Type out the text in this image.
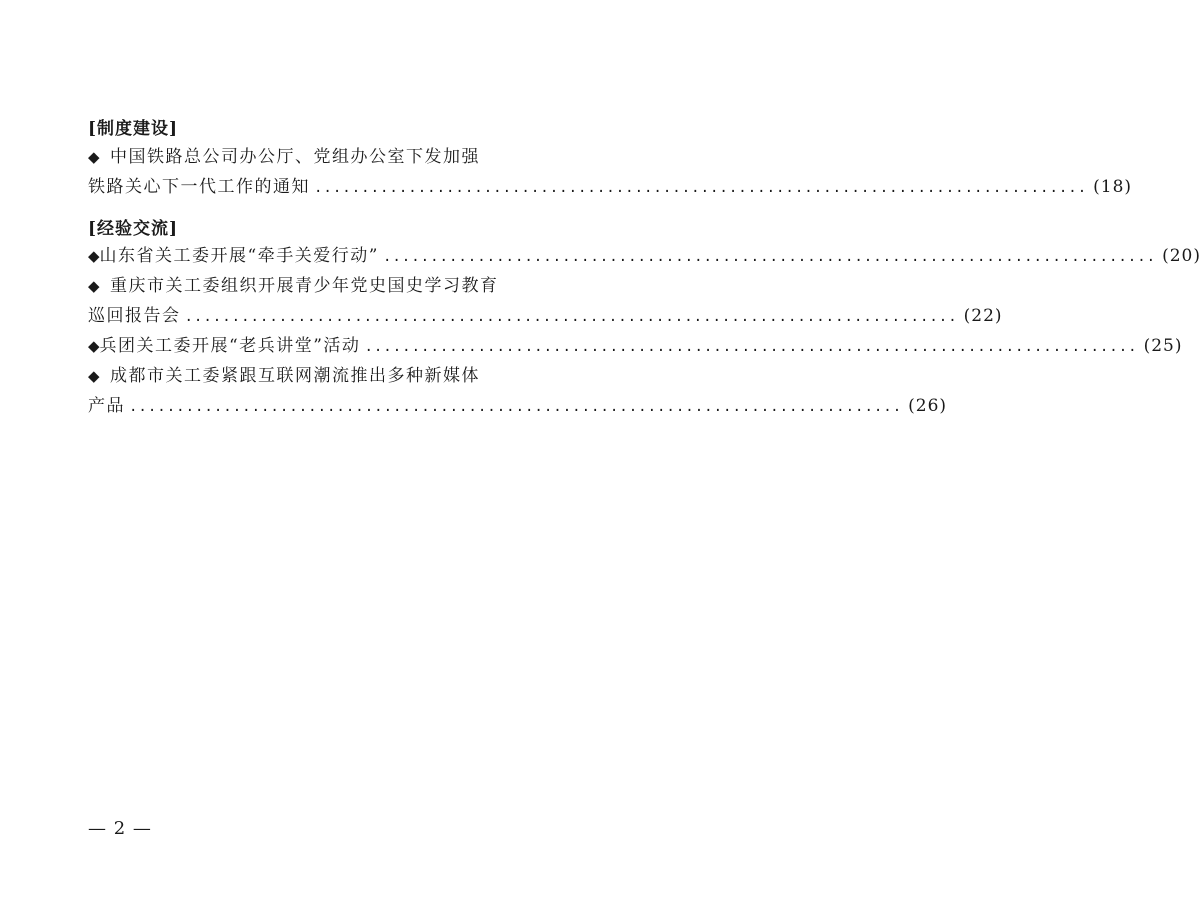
[制度建设]
◆ 中国铁路总公司办公厅、党组办公室下发加强
铁路关心下一代工作的通知 .................................................................................. (18)
[经验交流]
◆ 山东省关工委开展“牵手关爱行动” .................................................................................. (20)
◆ 重庆市关工委组织开展青少年党史国史学习教育
巡回报告会 .................................................................................. (22)
◆ 兵团关工委开展“老兵讲堂”活动 .................................................................................. (25)
◆ 成都市关工委紧跟互联网潮流推出多种新媒体
产品 .................................................................................. (26)
— 2 —
